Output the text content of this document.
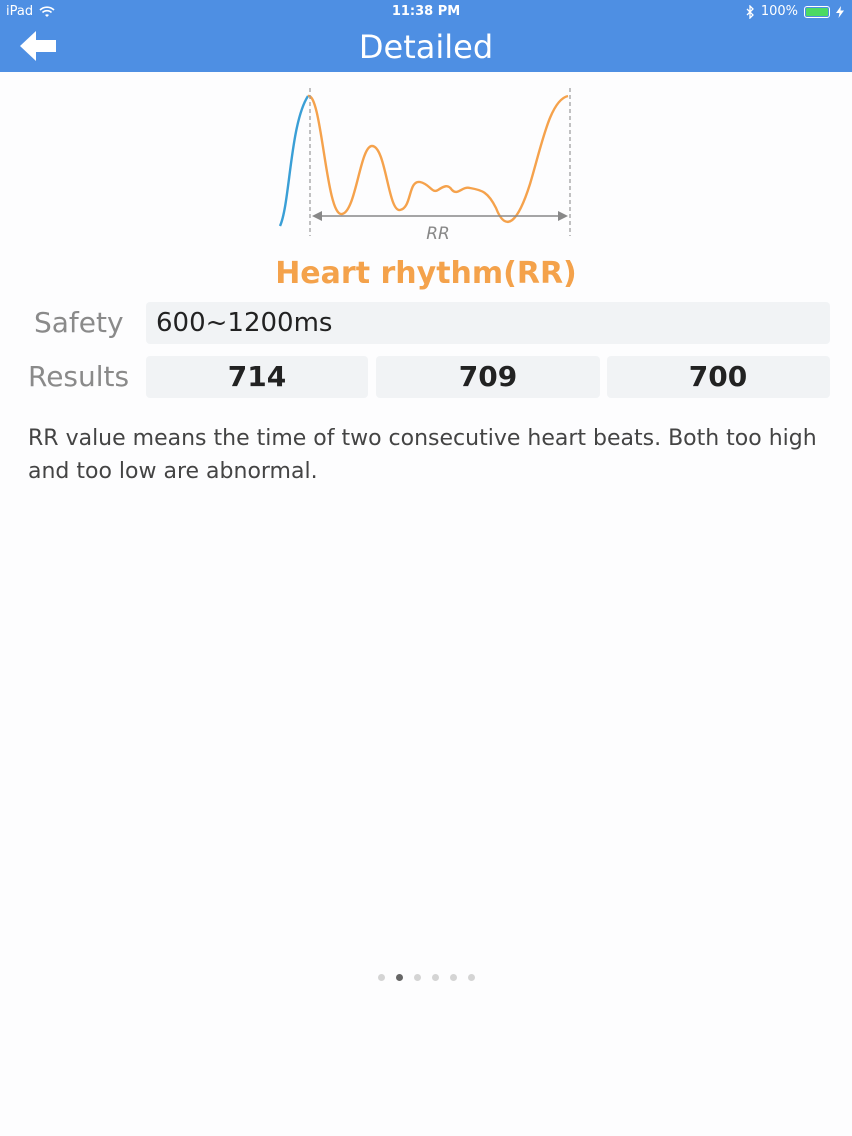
iPad	11:38 PM	100%
Detailed
RR
Heart rhythm(RR)
Safety 600~1200ms
Results	714	709	700
RR value means the time of two consecutive heart beats. Both too high and too low are abnormal.
